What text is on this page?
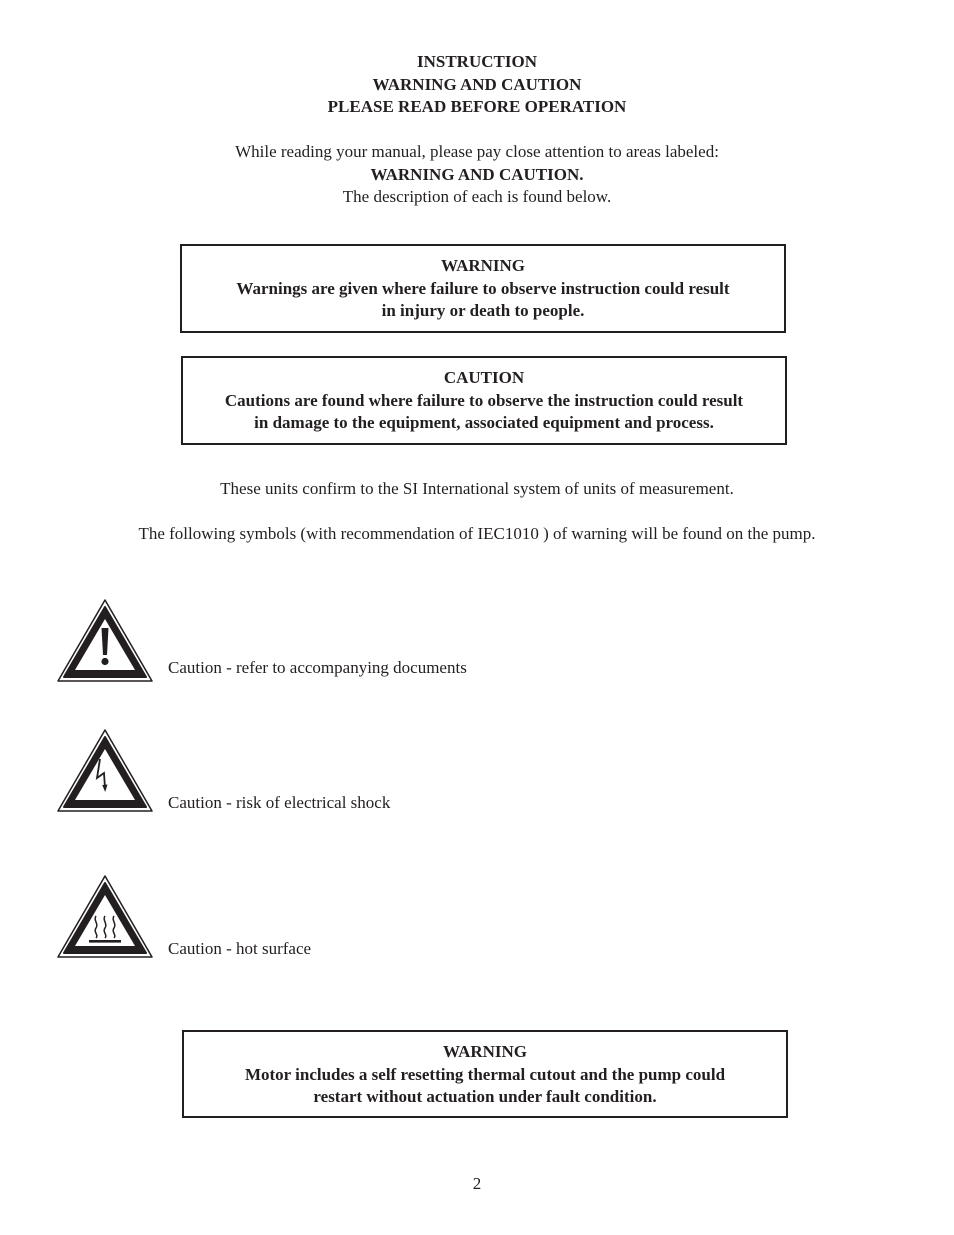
INSTRUCTION
WARNING AND CAUTION
PLEASE READ BEFORE OPERATION
While reading your manual, please pay close attention to areas labeled:
WARNING AND CAUTION.
The description of each is found below.
WARNING
Warnings are given where failure to observe instruction could result
in injury or death to people.
CAUTION
Cautions are found where failure to observe the instruction could result
in damage to the equipment, associated equipment and process.
These units confirm to the SI International system of units of measurement.
The following symbols (with recommendation of IEC1010 ) of warning will be found on the pump.
Caution - refer to accompanying documents
Caution - risk of electrical shock
Caution - hot surface
WARNING
Motor includes a self resetting thermal cutout and the pump could
restart without actuation under fault condition.
2
